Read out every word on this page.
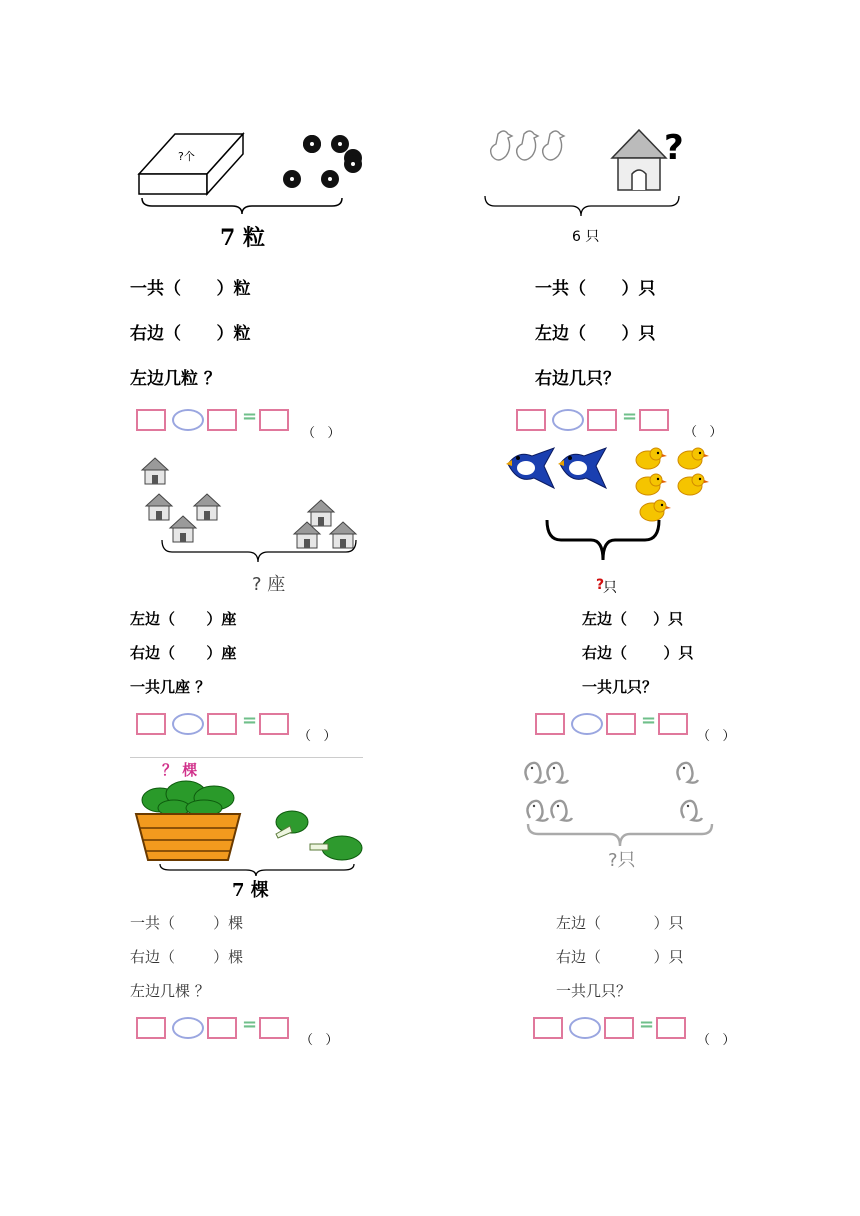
?个
7 粒
一共（      ）粒
右边（      ）粒
左边几粒 ？
=
（   ）
?
6 只
一共（      ）只
左边（      ）只
右边几只？
=
（   ）
? 座
左边（      ）座
右边（      ）座
一共几座 ？
=
（   ）
?
只
左边（     ）只
右边（       ）只
一共几只？
=
（   ）
？ 棵
7 棵
一共（        ）棵
右边（        ）棵
左边几棵 ？
=
（   ）
?只
左边（           ）只
右边（           ）只
一共几只？
=
（   ）
